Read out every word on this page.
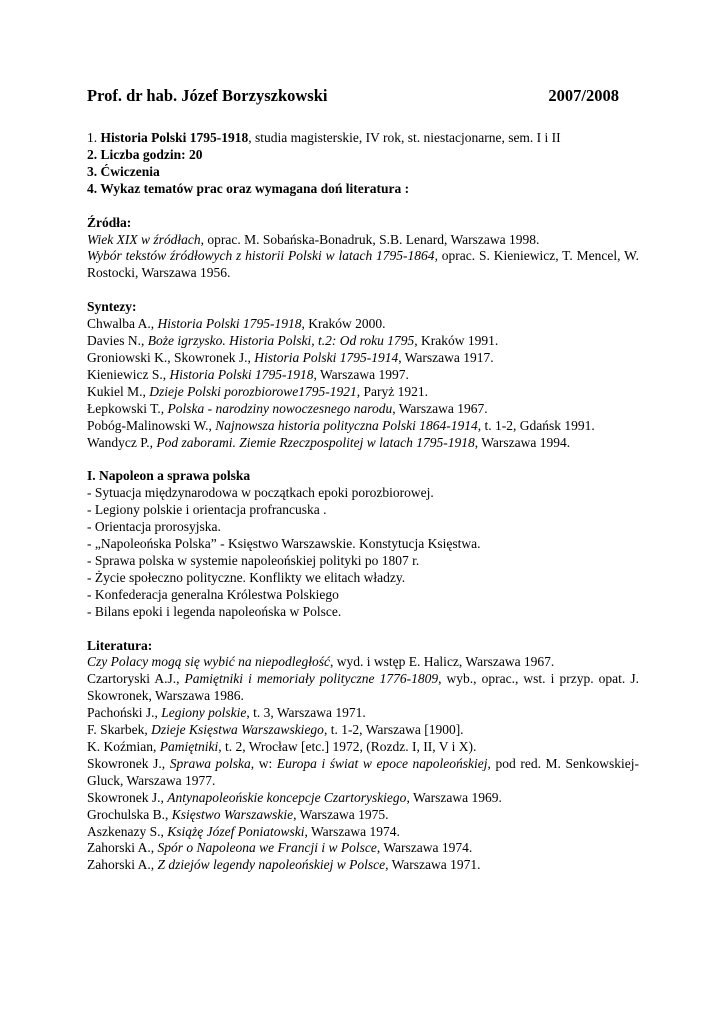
Prof. dr hab. Józef Borzyszkowski	2007/2008
1. Historia Polski 1795-1918, studia magisterskie, IV rok, st. niestacjonarne, sem. I i II
2. Liczba godzin: 20
3. Ćwiczenia
4. Wykaz tematów prac oraz wymagana doń literatura :
Źródła:
Wiek XIX w źródłach, oprac. M. Sobańska-Bonadruk, S.B. Lenard, Warszawa 1998.
Wybór tekstów źródłowych z historii Polski w latach 1795-1864, oprac. S. Kieniewicz, T. Mencel, W. Rostocki, Warszawa 1956.
Syntezy:
Chwalba A., Historia Polski 1795-1918, Kraków 2000.
Davies N., Boże igrzysko. Historia Polski, t.2: Od roku 1795, Kraków 1991.
Groniowski K., Skowronek J., Historia Polski 1795-1914, Warszawa 1917.
Kieniewicz S., Historia Polski 1795-1918, Warszawa 1997.
Kukiel M., Dzieje Polski porozbiorowe1795-1921, Paryż 1921.
Łepkowski T., Polska - narodziny nowoczesnego narodu, Warszawa 1967.
Pobóg-Malinowski W., Najnowsza historia polityczna Polski 1864-1914, t. 1-2, Gdańsk 1991.
Wandycz P., Pod zaborami. Ziemie Rzeczpospolitej w latach 1795-1918, Warszawa 1994.
I. Napoleon a sprawa polska
- Sytuacja międzynarodowa w początkach epoki porozbiorowej.
- Legiony polskie i orientacja profrancuska .
- Orientacja prorosyjska.
- „Napoleońska Polska” - Księstwo Warszawskie. Konstytucja Księstwa.
- Sprawa polska w systemie napoleońskiej polityki po 1807 r.
- Życie społeczno polityczne. Konflikty we elitach władzy.
- Konfederacja generalna Królestwa Polskiego
- Bilans epoki i legenda napoleońska w Polsce.
Literatura:
Czy Polacy mogą się wybić na niepodległość, wyd. i wstęp E. Halicz, Warszawa 1967.
Czartoryski A.J., Pamiętniki i memoriały polityczne 1776-1809, wyb., oprac., wst. i przyp. opat. J. Skowronek, Warszawa 1986.
Pachoński J., Legiony polskie, t. 3, Warszawa 1971.
F. Skarbek, Dzieje Księstwa Warszawskiego, t. 1-2, Warszawa [1900].
K. Koźmian, Pamiętniki, t. 2, Wrocław [etc.] 1972, (Rozdz. I, II, V i X).
Skowronek J., Sprawa polska, w: Europa i świat w epoce napoleońskiej, pod red. M. Senkowskiej-Gluck, Warszawa 1977.
Skowronek J., Antynapoleońskie koncepcje Czartoryskiego, Warszawa 1969.
Grochulska B., Księstwo Warszawskie, Warszawa 1975.
Aszkenazy S., Książę Józef Poniatowski, Warszawa 1974.
Zahorski A., Spór o Napoleona we Francji i w Polsce, Warszawa 1974.
Zahorski A., Z dziejów legendy napoleońskiej w Polsce, Warszawa 1971.
